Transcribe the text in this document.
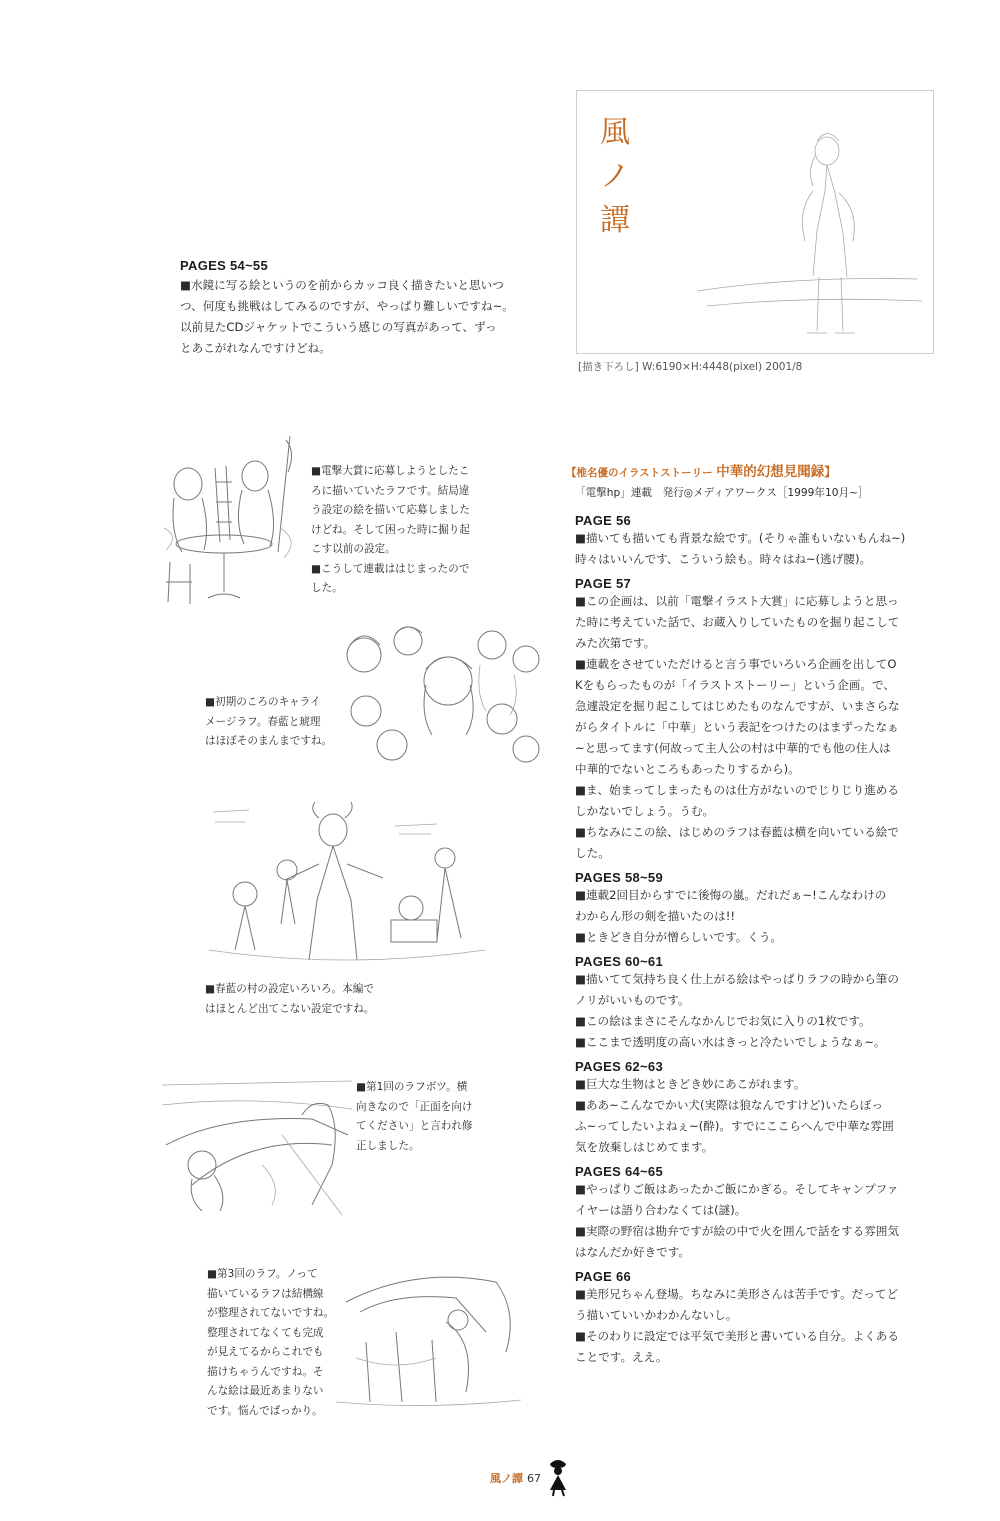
風
ノ
譚
[描き下ろし] W:6190×H:4448(pixel) 2001/8
PAGES 54~55
■水鏡に写る絵というのを前からカッコ良く描きたいと思いつ
つ、何度も挑戦はしてみるのですが、やっぱり難しいですね~。
以前見たCDジャケットでこういう感じの写真があって、ずっ
とあこがれなんですけどね。
【椎名優のイラストストーリー 中華的幻想見聞録】
「電撃hp」連載　発行◎メディアワークス［1999年10月~］
PAGE 56
■描いても描いても背景な絵です。(そりゃ誰もいないもんね~)
時々はいいんです、こういう絵も。時々はね~(逃げ腰)。
PAGE 57
■この企画は、以前「電撃イラスト大賞」に応募しようと思っ
た時に考えていた話で、お蔵入りしていたものを掘り起こして
みた次第です。
■連載をさせていただけると言う事でいろいろ企画を出してO
Kをもらったものが「イラストストーリー」という企画。で、
急遽設定を掘り起こしてはじめたものなんですが、いまさらな
がらタイトルに「中華」という表記をつけたのはまずったなぁ
~と思ってます(何故って主人公の村は中華的でも他の住人は
中華的でないところもあったりするから)。
■ま、始まってしまったものは仕方がないのでじりじり進める
しかないでしょう。うむ。
■ちなみにこの絵、はじめのラフは春藍は横を向いている絵で
した。
PAGES 58~59
■連載2回目からすでに後悔の嵐。だれだぁ~!こんなわけの
わからん形の剣を描いたのは!!
■ときどき自分が憎らしいです。くう。
PAGES 60~61
■描いてて気持ち良く仕上がる絵はやっぱりラフの時から筆の
ノリがいいものです。
■この絵はまさにそんなかんじでお気に入りの1枚です。
■ここまで透明度の高い水はきっと冷たいでしょうなぁ~。
PAGES 62~63
■巨大な生物はときどき妙にあこがれます。
■ああ~こんなでかい犬(実際は狼なんですけど)いたらぼっ
ふ~ってしたいよねぇ~(酔)。すでにここらへんで中華な雰囲
気を放棄しはじめてます。
PAGES 64~65
■やっぱりご飯はあったかご飯にかぎる。そしてキャンプファ
イヤーは語り合わなくては(謎)。
■実際の野宿は勘弁ですが絵の中で火を囲んで話をする雰囲気
はなんだか好きです。
PAGE 66
■美形兄ちゃん登場。ちなみに美形さんは苦手です。だってど
う描いていいかわかんないし。
■そのわりに設定では平気で美形と書いている自分。よくある
ことです。ええ。
■電撃大賞に応募しようとしたこ
ろに描いていたラフです。結局違
う設定の絵を描いて応募しました
けどね。そして困った時に掘り起
こす以前の設定。
■こうして連載ははじまったので
した。
■初期のころのキャライ
メージラフ。春藍と琥理
はほぼそのまんまですね。
■春藍の村の設定いろいろ。本編で
はほとんど出てこない設定ですね。
■第1回のラフボツ。横
向きなので「正面を向け
てください」と言われ修
正しました。
■第3回のラフ。ノって
描いているラフは結構線
が整理されてないですね。
整理されてなくても完成
が見えてるからこれでも
描けちゃうんですね。そ
んな絵は最近あまりない
です。悩んでばっかり。
風ノ譚 67
